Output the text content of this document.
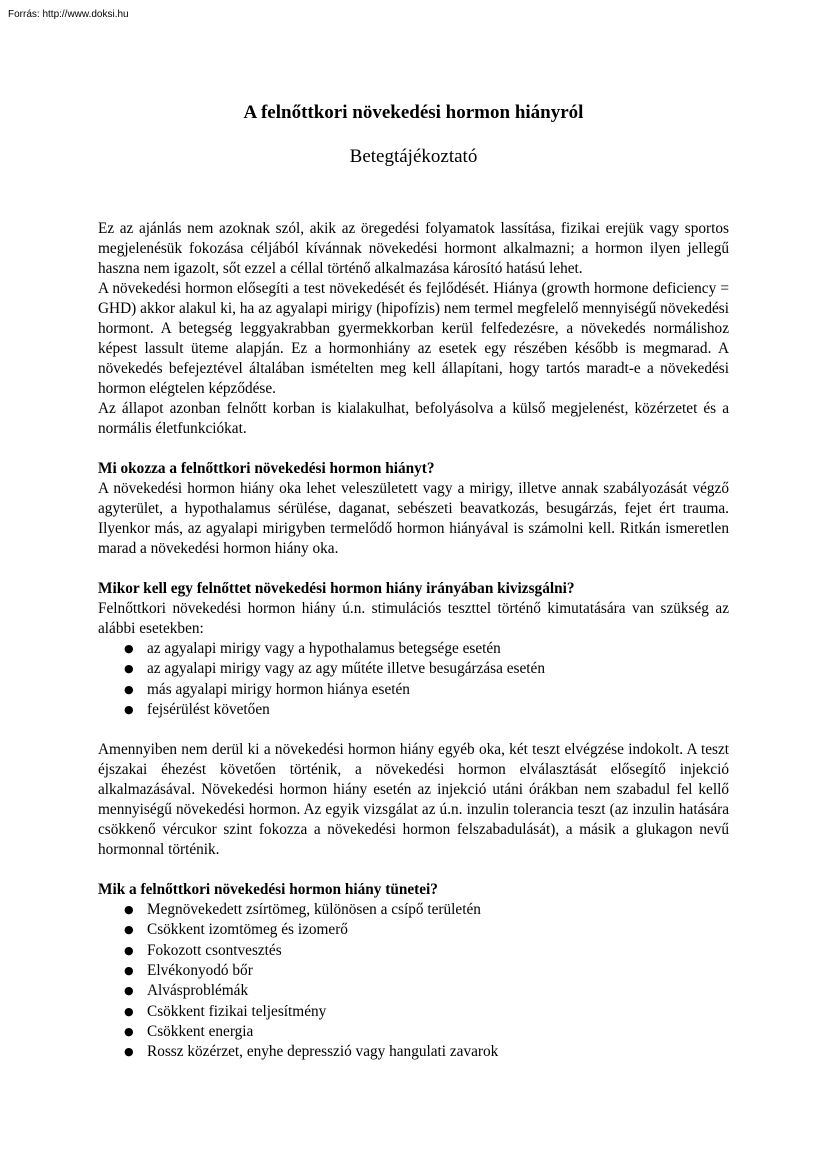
Forrás: http://www.doksi.hu
A felnőttkori növekedési hormon hiányról
Betegtájékoztató

Ez az ajánlás nem azoknak szól, akik az öregedési folyamatok lassítása, fizikai erejük vagy sportos megjelenésük fokozása céljából kívánnak növekedési hormont alkalmazni; a hormon ilyen jellegű haszna nem igazolt, sőt ezzel a céllal történő alkalmazása károsító hatású lehet.

A növekedési hormon elősegíti a test növekedését és fejlődését. Hiánya (growth hormone deficiency = GHD) akkor alakul ki, ha az agyalapi mirigy (hipofízis) nem termel megfelelő mennyiségű növekedési hormont. A betegség leggyakrabban gyermekkorban kerül felfedezésre, a növekedés normálishoz képest lassult üteme alapján. Ez a hormonhiány az esetek egy részében később is megmarad. A növekedés befejeztével általában ismételten meg kell állapítani, hogy tartós maradt-e a növekedési hormon elégtelen képződése.

Az állapot azonban felnőtt korban is kialakulhat, befolyásolva a külső megjelenést, közérzetet és a normális életfunkciókat.

Mi okozza a felnőttkori növekedési hormon hiányt?

A növekedési hormon hiány oka lehet veleszületett vagy a mirigy, illetve annak szabályozását végző agyterület, a hypothalamus sérülése, daganat, sebészeti beavatkozás, besugárzás, fejet ért trauma. Ilyenkor más, az agyalapi mirigyben termelődő hormon hiányával is számolni kell. Ritkán ismeretlen marad a növekedési hormon hiány oka.

Mikor kell egy felnőttet növekedési hormon hiány irányában kivizsgálni?

Felnőttkori növekedési hormon hiány ú.n. stimulációs teszttel történő kimutatására van szükség az alábbi esetekben:

● az agyalapi mirigy vagy a hypothalamus betegsége esetén
● az agyalapi mirigy vagy az agy műtéte illetve besugárzása esetén
● más agyalapi mirigy hormon hiánya esetén
● fejsérülést követően

Amennyiben nem derül ki a növekedési hormon hiány egyéb oka, két teszt elvégzése indokolt. A teszt éjszakai éhezést követően történik, a növekedési hormon elválasztását elősegítő injekció alkalmazásával. Növekedési hormon hiány esetén az injekció utáni órákban nem szabadul fel kellő mennyiségű növekedési hormon. Az egyik vizsgálat az ú.n. inzulin tolerancia teszt (az inzulin hatására csökkenő vércukor szint fokozza a növekedési hormon felszabadulását), a másik a glukagon nevű hormonnal történik.

Mik a felnőttkori növekedési hormon hiány tünetei?
● Megnövekedett zsírtömeg, különösen a csípő területén
● Csökkent izomtömeg és izomerő
● Fokozott csontvesztés
● Elvékonyodó bőr
● Alvásproblémák
● Csökkent fizikai teljesítmény
● Csökkent energia
● Rossz közérzet, enyhe depresszió vagy hangulati zavarok
